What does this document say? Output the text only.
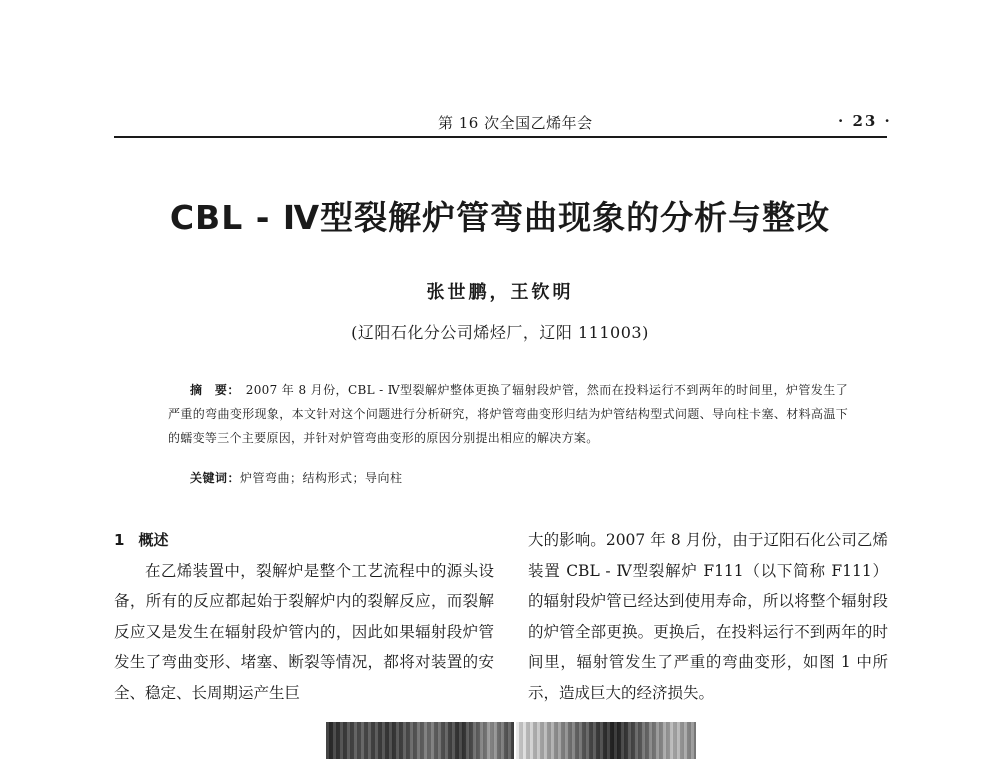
第 16 次全国乙烯年会	· 23 ·
CBL - Ⅳ型裂解炉管弯曲现象的分析与整改
张世鹏，王钦明
(辽阳石化分公司烯烃厂，辽阳 111003)
摘　要： 2007 年 8 月份，CBL - Ⅳ型裂解炉整体更换了辐射段炉管，然而在投料运行不到两年的时间里，炉管发生了严重的弯曲变形现象，本文针对这个问题进行分析研究，将炉管弯曲变形归结为炉管结构型式问题、导向柱卡塞、材料高温下的蠕变等三个主要原因，并针对炉管弯曲变形的原因分别提出相应的解决方案。
关键词：炉管弯曲；结构形式；导向柱
1 概述
在乙烯装置中，裂解炉是整个工艺流程中的源头设备，所有的反应都起始于裂解炉内的裂解反应，而裂解反应又是发生在辐射段炉管内的，因此如果辐射段炉管发生了弯曲变形、堵塞、断裂等情况，都将对装置的安全、稳定、长周期运产生巨
大的影响。2007 年 8 月份，由于辽阳石化公司乙烯装置 CBL - Ⅳ型裂解炉 F111（以下简称 F111）的辐射段炉管已经达到使用寿命，所以将整个辐射段的炉管全部更换。更换后，在投料运行不到两年的时间里，辐射管发生了严重的弯曲变形，如图 1 中所示，造成巨大的经济损失。
